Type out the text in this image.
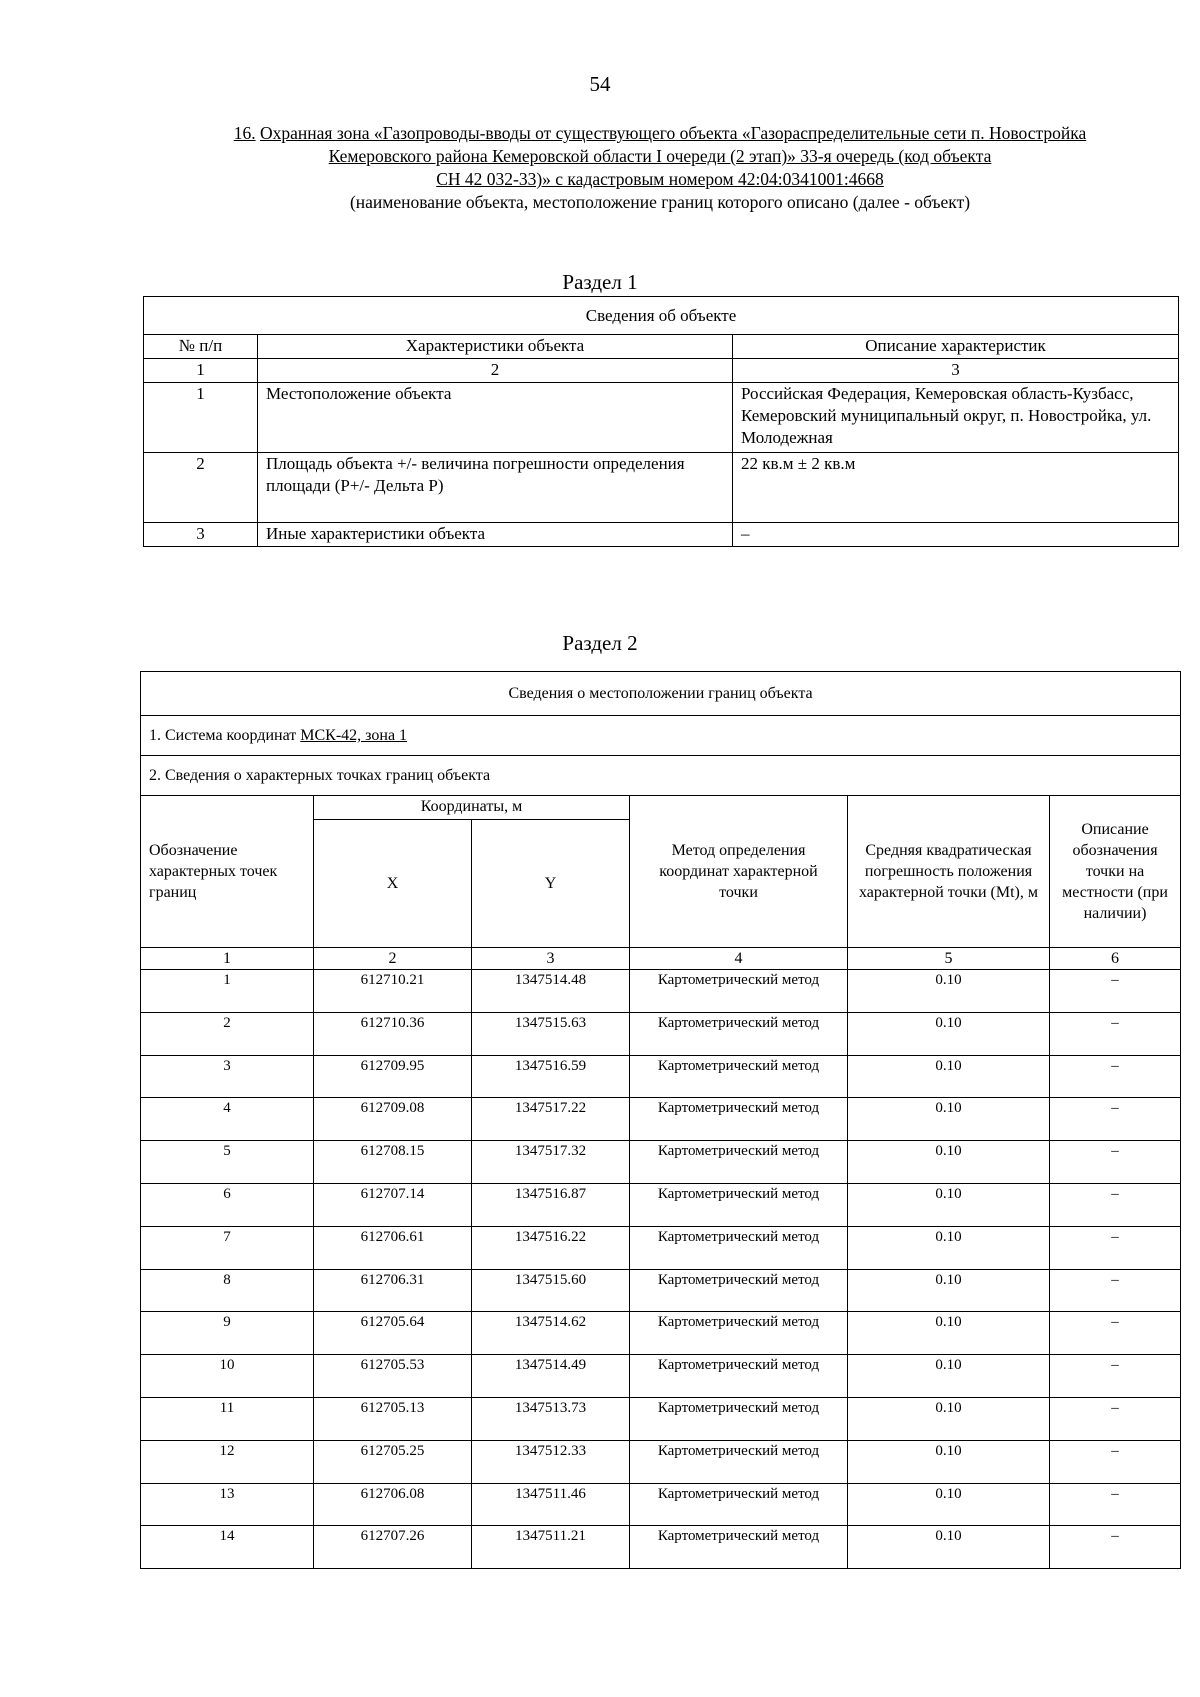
54
16. Охранная зона «Газопроводы-вводы от существующего объекта «Газораспределительные сети п. Новостройка
Кемеровского района Кемеровской области I очереди (2 этап)» 33-я очередь (код объекта
СН 42 032-33)» с кадастровым номером 42:04:0341001:4668
(наименование объекта, местоположение границ которого описано (далее - объект)
Раздел 1
Сведения об объекте		
№ п/п	Характеристики объекта	Описание характеристик
1	2	3
1	Местоположение объекта	Российская Федерация, Кемеровская область-Кузбасс, Кемеровский муниципальный округ, п. Новостройка, ул. Молодежная
2	Площадь объекта +/- величина погрешности определения площади (Р+/- Дельта Р)	22 кв.м ± 2 кв.м
3	Иные характеристики объекта	–
Раздел 2
Сведения о местоположении границ объекта					
1. Система координат МСК-42, зона 1					
2. Сведения о характерных точках границ объекта					
Обозначение характерных точек границ	Координаты, м		Метод определения координат характерной точки	Средняя квадратическая погрешность положения характерной точки (Mt), м	Описание обозначения точки на местности (при наличии)
	X	Y			
1	2	3	4	5	6
1	612710.21	1347514.48	Картометрический метод	0.10	–
2	612710.36	1347515.63	Картометрический метод	0.10	–
3	612709.95	1347516.59	Картометрический метод	0.10	–
4	612709.08	1347517.22	Картометрический метод	0.10	–
5	612708.15	1347517.32	Картометрический метод	0.10	–
6	612707.14	1347516.87	Картометрический метод	0.10	–
7	612706.61	1347516.22	Картометрический метод	0.10	–
8	612706.31	1347515.60	Картометрический метод	0.10	–
9	612705.64	1347514.62	Картометрический метод	0.10	–
10	612705.53	1347514.49	Картометрический метод	0.10	–
11	612705.13	1347513.73	Картометрический метод	0.10	–
12	612705.25	1347512.33	Картометрический метод	0.10	–
13	612706.08	1347511.46	Картометрический метод	0.10	–
14	612707.26	1347511.21	Картометрический метод	0.10	–
